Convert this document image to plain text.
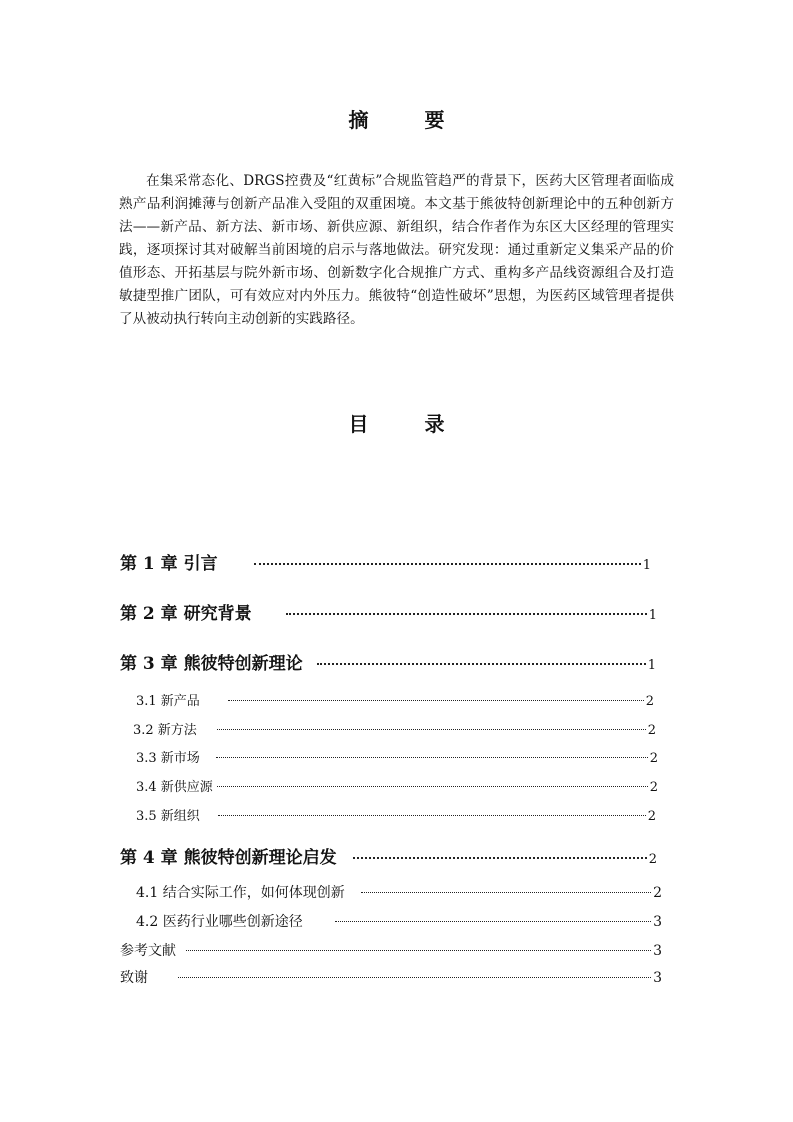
摘　要

在集采常态化、DRGS控费及“红黄标”合规监管趋严的背景下，医药大区管理者面临成熟产品利润摊薄与创新产品准入受阻的双重困境。本文基于熊彼特创新理论中的五种创新方法——新产品、新方法、新市场、新供应源、新组织，结合作者作为东区大区经理的管理实践，逐项探讨其对破解当前困境的启示与落地做法。研究发现：通过重新定义集采产品的价值形态、开拓基层与院外新市场、创新数字化合规推广方式、重构多产品线资源组合及打造敏捷型推广团队，可有效应对内外压力。熊彼特“创造性破坏”思想，为医药区域管理者提供了从被动执行转向主动创新的实践路径。

目　录
第 1 章 引言	1
第 2 章 研究背景	1
第 3 章 熊彼特创新理论	1
3.1 新产品	2
3.2 新方法	2
3.3 新市场	2
3.4 新供应源	2
3.5 新组织	2
第 4 章 熊彼特创新理论启发	2
4.1 结合实际工作，如何体现创新	2
4.2 医药行业哪些创新途径	3
参考文献	3
致谢	3
